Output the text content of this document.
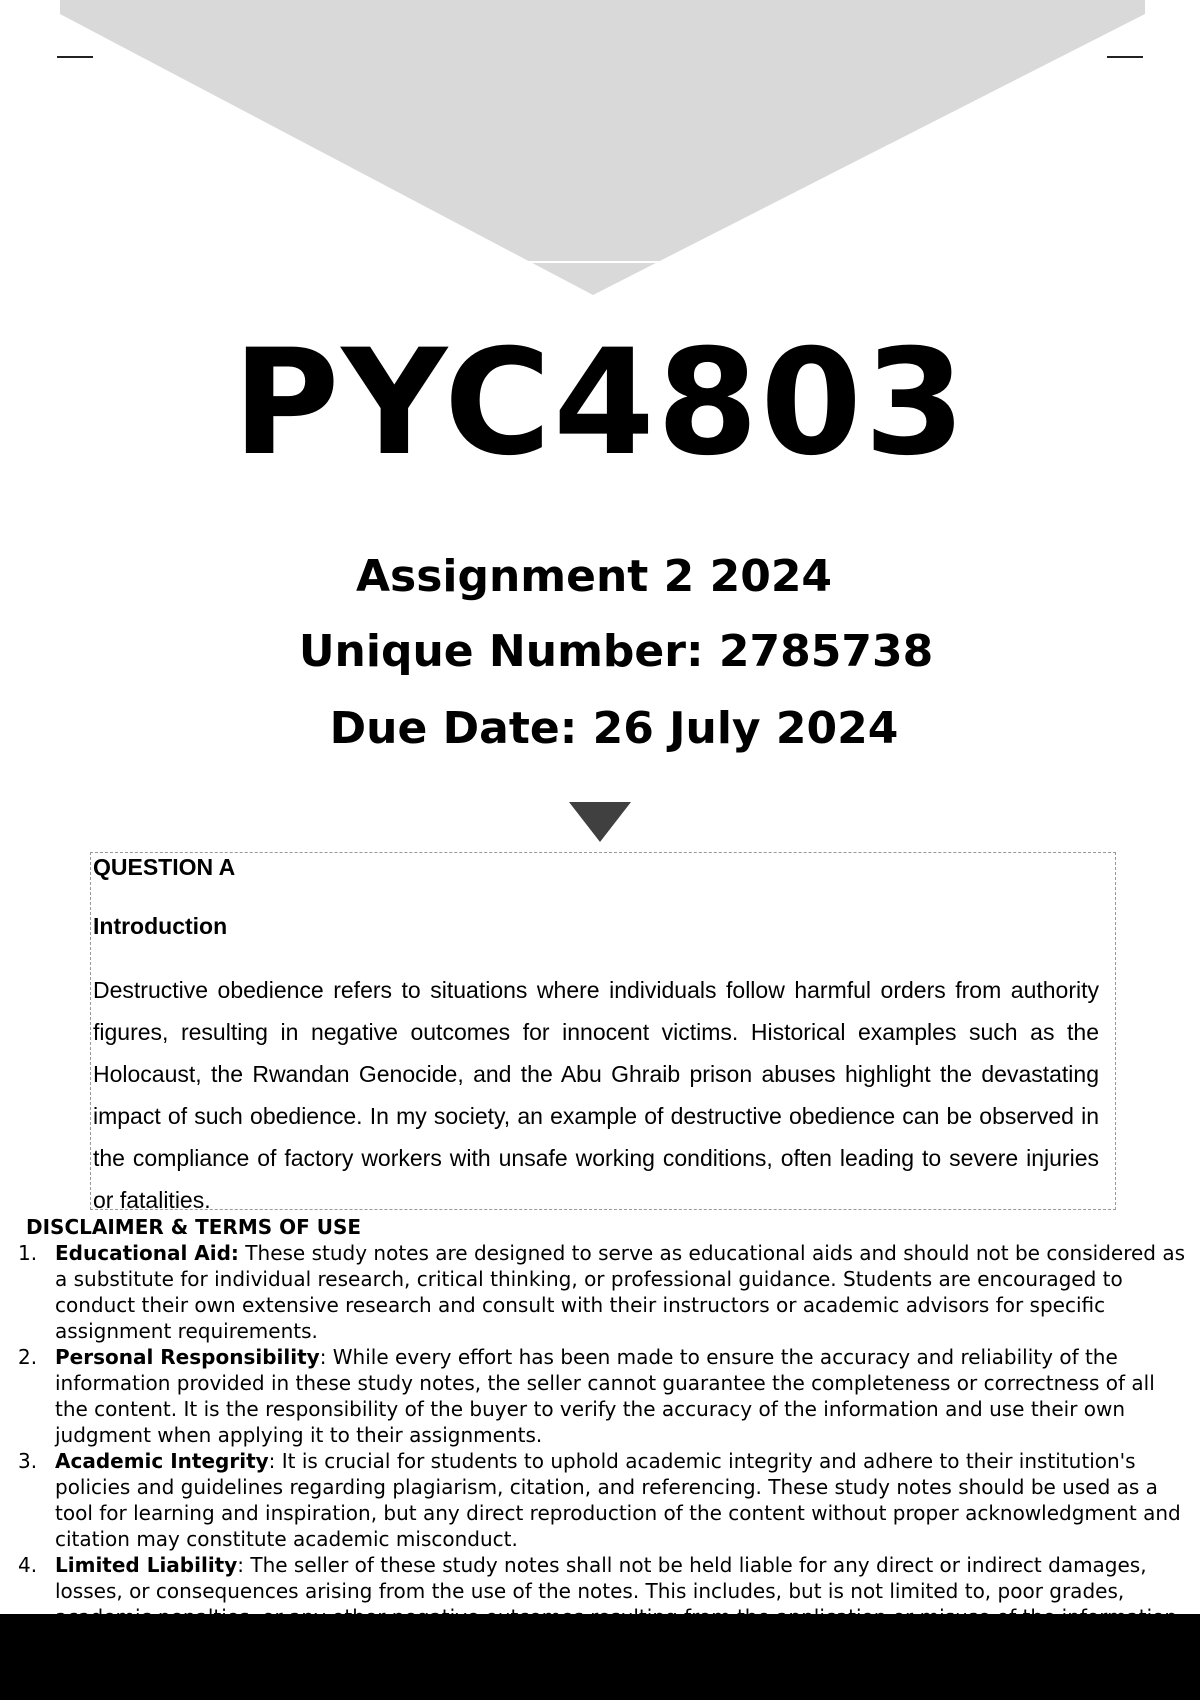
PYC4803
Assignment 2 2024
Unique Number: 2785738
Due Date: 26 July 2024
QUESTION A
Introduction
Destructive obedience refers to situations where individuals follow harmful orders from authority figures, resulting in negative outcomes for innocent victims. Historical examples such as the Holocaust, the Rwandan Genocide, and the Abu Ghraib prison abuses highlight the devastating impact of such obedience. In my society, an example of destructive obedience can be observed in the compliance of factory workers with unsafe working conditions, often leading to severe injuries or fatalities.
DISCLAIMER & TERMS OF USE
1. Educational Aid: These study notes are designed to serve as educational aids and should not be considered as a substitute for individual research, critical thinking, or professional guidance. Students are encouraged to conduct their own extensive research and consult with their instructors or academic advisors for specific assignment requirements.
2. Personal Responsibility: While every effort has been made to ensure the accuracy and reliability of the information provided in these study notes, the seller cannot guarantee the completeness or correctness of all the content. It is the responsibility of the buyer to verify the accuracy of the information and use their own judgment when applying it to their assignments.
3. Academic Integrity: It is crucial for students to uphold academic integrity and adhere to their institution's policies and guidelines regarding plagiarism, citation, and referencing. These study notes should be used as a tool for learning and inspiration, but any direct reproduction of the content without proper acknowledgment and citation may constitute academic misconduct.
4. Limited Liability: The seller of these study notes shall not be held liable for any direct or indirect damages, losses, or consequences arising from the use of the notes. This includes, but is not limited to, poor grades,
